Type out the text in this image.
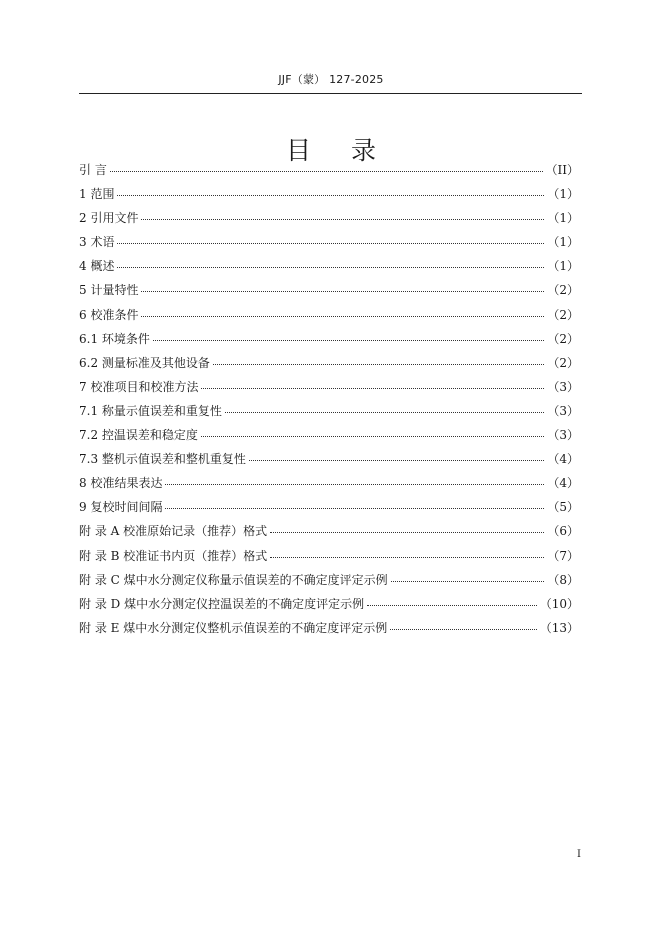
JJF（蒙） 127-2025
目 录
引 言	（II）
1 范围	（1）
2 引用文件	（1）
3 术语	（1）
4 概述	（1）
5 计量特性	（2）
6 校准条件	（2）
6.1 环境条件	（2）
6.2 测量标准及其他设备	（2）
7 校准项目和校准方法	（3）
7.1 称量示值误差和重复性	（3）
7.2 控温误差和稳定度	（3）
7.3 整机示值误差和整机重复性	（4）
8 校准结果表达	（4）
9 复校时间间隔	（5）
附 录 A 校准原始记录（推荐）格式	（6）
附 录 B 校准证书内页（推荐）格式	（7）
附 录 C 煤中水分测定仪称量示值误差的不确定度评定示例	（8）
附 录 D 煤中水分测定仪控温误差的不确定度评定示例	（10）
附 录 E 煤中水分测定仪整机示值误差的不确定度评定示例	（13）
I
